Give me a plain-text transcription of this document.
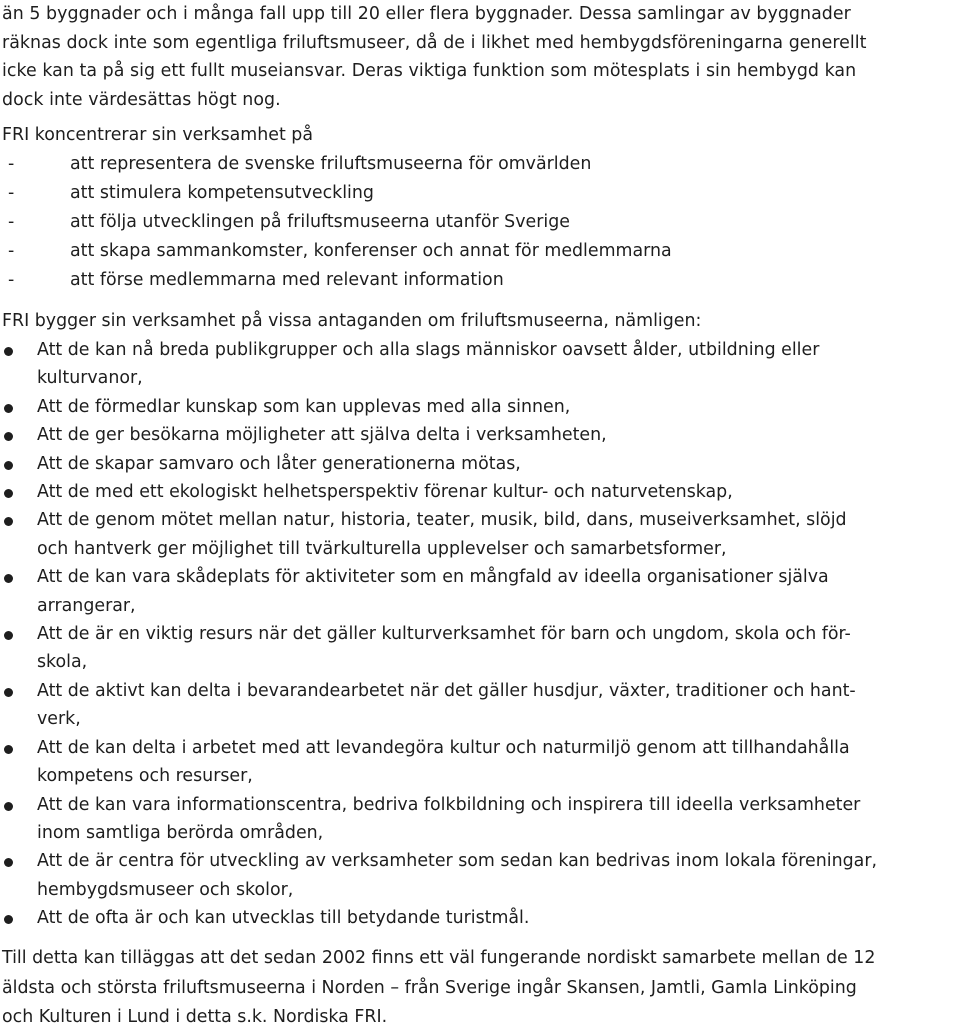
än 5 byggnader och i många fall upp till 20 eller flera byggnader. Dessa samlingar av byggnader
räknas dock inte som egentliga friluftsmuseer, då de i likhet med hembygdsföreningarna generellt
icke kan ta på sig ett fullt museiansvar. Deras viktiga funktion som mötesplats i sin hembygd kan
dock inte värdesättas högt nog.

FRI koncentrerar sin verksamhet på
-	att representera de svenske friluftsmuseerna för omvärlden
-	att stimulera kompetensutveckling
-	att följa utvecklingen på friluftsmuseerna utanför Sverige
-	att skapa sammankomster, konferenser och annat för medlemmarna
-	att förse medlemmarna med relevant information
FRI bygger sin verksamhet på vissa antaganden om friluftsmuseerna, nämligen:
Att de kan nå breda publikgrupper och alla slags människor oavsett ålder, utbildning eller
kulturvanor,
Att de förmedlar kunskap som kan upplevas med alla sinnen,
Att de ger besökarna möjligheter att själva delta i verksamheten,
Att de skapar samvaro och låter generationerna mötas,
Att de med ett ekologiskt helhetsperspektiv förenar kultur- och naturvetenskap,
Att de genom mötet mellan natur, historia, teater, musik, bild, dans, museiverksamhet, slöjd
och hantverk ger möjlighet till tvärkulturella upplevelser och samarbetsformer,
Att de kan vara skådeplats för aktiviteter som en mångfald av ideella organisationer själva
arrangerar,
Att de är en viktig resurs när det gäller kulturverksamhet för barn och ungdom, skola och för-
skola,
Att de aktivt kan delta i bevarandearbetet när det gäller husdjur, växter, traditioner och hant-
verk,
Att de kan delta i arbetet med att levandegöra kultur och naturmiljö genom att tillhandahålla
kompetens och resurser,
Att de kan vara informationscentra, bedriva folkbildning och inspirera till ideella verksamheter
inom samtliga berörda områden,
Att de är centra för utveckling av verksamheter som sedan kan bedrivas inom lokala föreningar,
hembygdsmuseer och skolor,
Att de ofta är och kan utvecklas till betydande turistmål.
Till detta kan tilläggas att det sedan 2002 finns ett väl fungerande nordiskt samarbete mellan de 12
äldsta och största friluftsmuseerna i Norden – från Sverige ingår Skansen, Jamtli, Gamla Linköping
och Kulturen i Lund i detta s.k. Nordiska FRI.
